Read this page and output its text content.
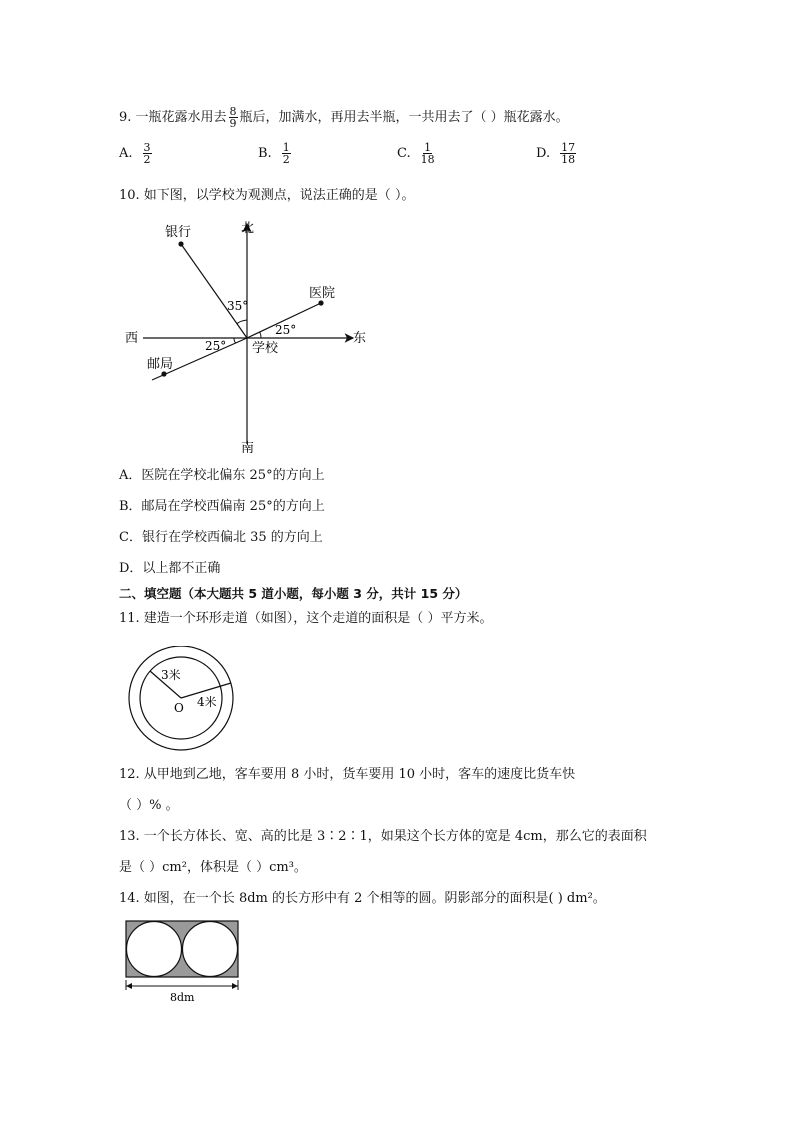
9. 一瓶花露水用去 $\frac{8}{9}$ 瓶后，加满水，再用去半瓶，一共用去了（ ）瓶花露水。
A. $\frac{3}{2}$	B. $\frac{1}{2}$	C. $\frac{1}{18}$	D. $\frac{17}{18}$
10. 如下图，以学校为观测点，说法正确的是（ ）。
北
南
西	东
银行
医院
邮局
学校
35°
25°
25°
A．医院在学校北偏东 25°的方向上
B．邮局在学校西偏南 25°的方向上
C．银行在学校西偏北 35 的方向上
D．以上都不正确
二、填空题（本大题共 5 道小题，每小题 3 分，共计 15 分）
11. 建造一个环形走道（如图），这个走道的面积是（ ）平方米。
3米
4米
O
12. 从甲地到乙地，客车要用 8 小时，货车要用 10 小时，客车的速度比货车快
（ ）% 。
13. 一个长方体长、宽、高的比是 3∶2∶1，如果这个长方体的宽是 4cm，那么它的表面积
是（ ）cm²，体积是（ ）cm³。
14. 如图，在一个长 8dm 的长方形中有 2 个相等的圆。阴影部分的面积是( ) dm²。
8dm
